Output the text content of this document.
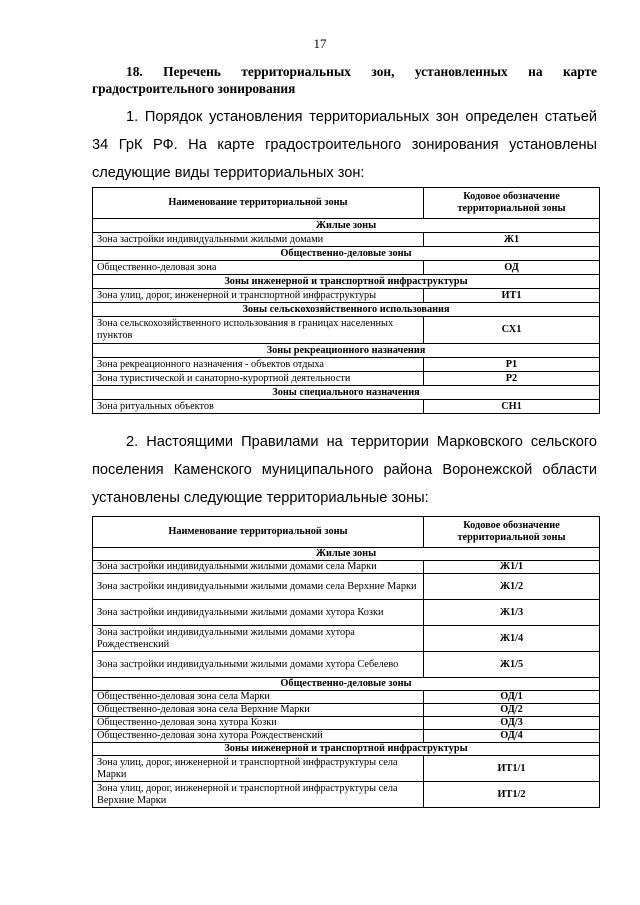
17
18. Перечень территориальных зон, установленных на карте градостроительного зонирования
1. Порядок установления территориальных зон определен статьей 34 ГрК РФ. На карте градостроительного зонирования установлены следующие виды территориальных зон:
Наименование территориальной зоны	Кодовое обозначение территориальной зоны
Жилые зоны	
Зона застройки индивидуальными жилыми домами	Ж1
Общественно-деловые зоны	
Общественно-деловая зона	ОД
Зоны инженерной и транспортной инфраструктуры	
Зона улиц, дорог, инженерной и транспортной инфраструктуры	ИТ1
Зоны сельскохозяйственного использования	
Зона сельскохозяйственного использования в границах населенных пунктов	СХ1
Зоны рекреационного назначения	
Зона рекреационного назначения - объектов отдыха	Р1
Зона туристической и санаторно-курортной деятельности	Р2
Зоны специального назначения	
Зона ритуальных объектов	СН1
2. Настоящими Правилами на территории Марковского сельского поселения Каменского муниципального района Воронежской области установлены следующие территориальные зоны:
Наименование территориальной зоны	Кодовое обозначение территориальной зоны
Жилые зоны	
Зона застройки индивидуальными жилыми домами села Марки	Ж1/1
Зона застройки индивидуальными жилыми домами села Верхние Марки	Ж1/2
Зона застройки индивидуальными жилыми домами хутора Козки	Ж1/3
Зона застройки индивидуальными жилыми домами хутора Рождественский	Ж1/4
Зона застройки индивидуальными жилыми домами хутора Себелево	Ж1/5
Общественно-деловые зоны	
Общественно-деловая зона села Марки	ОД/1
Общественно-деловая зона села Верхние Марки	ОД/2
Общественно-деловая зона хутора Козки	ОД/3
Общественно-деловая зона хутора Рождественский	ОД/4
Зоны инженерной и транспортной инфраструктуры	
Зона улиц, дорог, инженерной и транспортной инфраструктуры села Марки	ИТ1/1
Зона улиц, дорог, инженерной и транспортной инфраструктуры села Верхние Марки	ИТ1/2
